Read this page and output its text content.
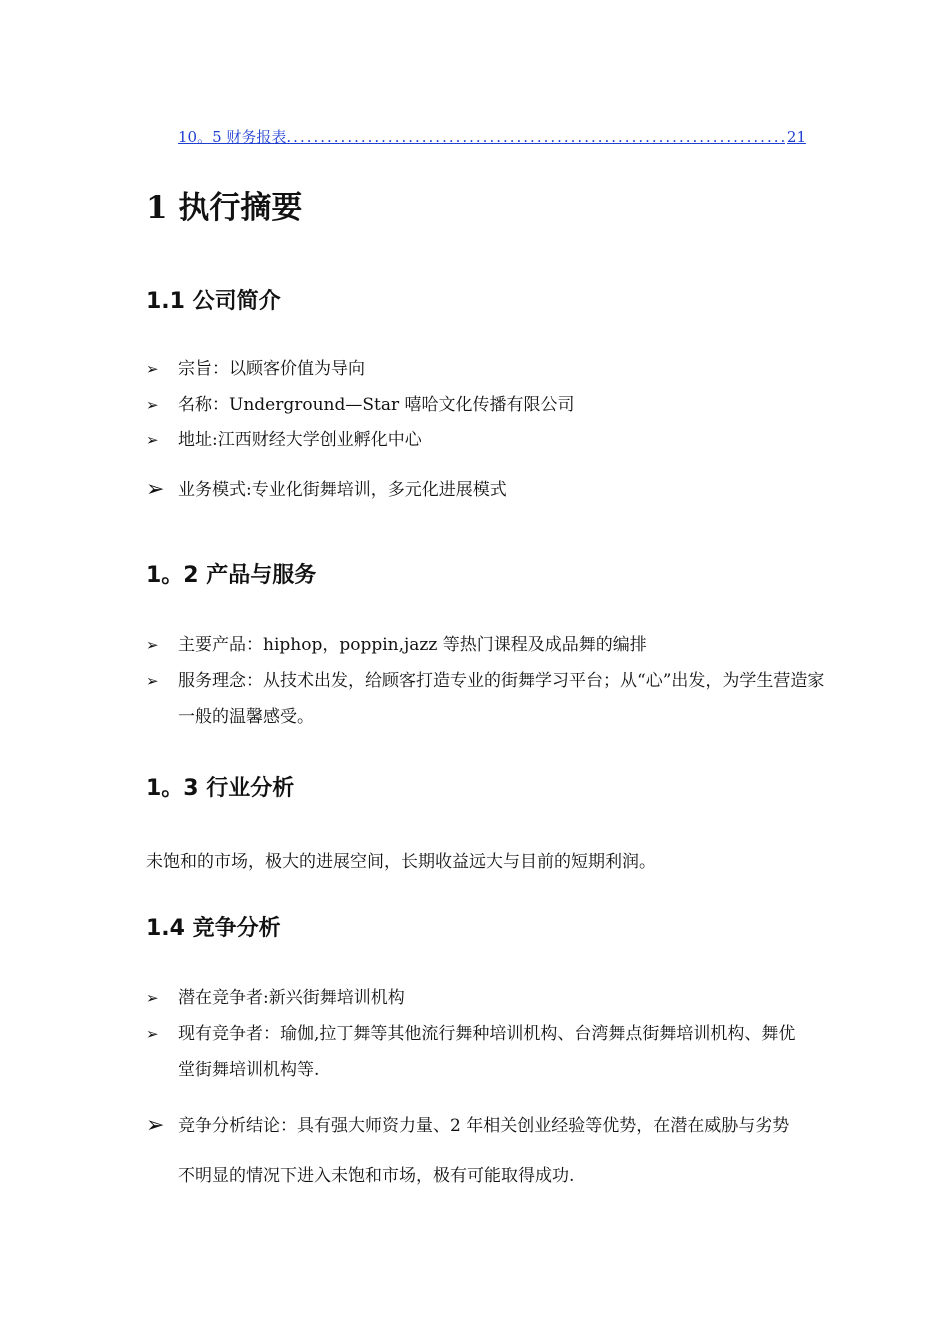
10。5 财务报表
.....	21
1 执行摘要
1.1 公司简介
➢	宗旨：以顾客价值为导向
➢	名称：Underground—Star 嘻哈文化传播有限公司
➢	地址:江西财经大学创业孵化中心
➢ 业务模式:专业化街舞培训，多元化进展模式
1。2 产品与服务
➢	主要产品：hiphop，poppin,jazz 等热门课程及成品舞的编排
➢	服务理念：从技术出发，给顾客打造专业的街舞学习平台；从“心”出发，为学生营造家一般的温馨感受。
1。3 行业分析
未饱和的市场，极大的进展空间，长期收益远大与目前的短期利润。
1.4 竞争分析
➢	潜在竞争者:新兴街舞培训机构
➢	现有竞争者：瑜伽,拉丁舞等其他流行舞种培训机构、台湾舞点街舞培训机构、舞优堂街舞培训机构等.
➢ 竞争分析结论：具有强大师资力量、2 年相关创业经验等优势，在潜在威胁与劣势不明显的情况下进入未饱和市场，极有可能取得成功.
